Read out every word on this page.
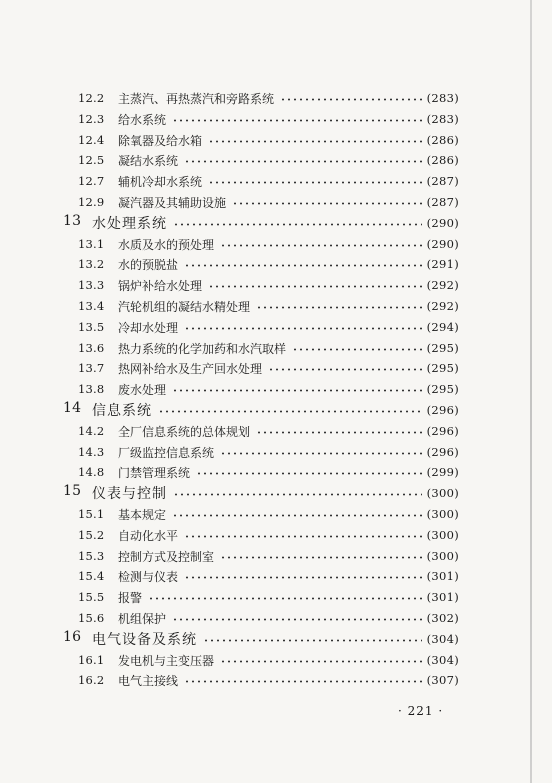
12.2 主蒸汽、再热蒸汽和旁路系统	(283)
12.3 给水系统	(283)
12.4 除氧器及给水箱	(286)
12.5 凝结水系统	(286)
12.7 辅机冷却水系统	(287)
12.9 凝汽器及其辅助设施	(287)
13 水处理系统	(290)
13.1 水质及水的预处理	(290)
13.2 水的预脱盐	(291)
13.3 锅炉补给水处理	(292)
13.4 汽轮机组的凝结水精处理	(292)
13.5 冷却水处理	(294)
13.6 热力系统的化学加药和水汽取样	(295)
13.7 热网补给水及生产回水处理	(295)
13.8 废水处理	(295)
14 信息系统	(296)
14.2 全厂信息系统的总体规划	(296)
14.3 厂级监控信息系统	(296)
14.8 门禁管理系统	(299)
15 仪表与控制	(300)
15.1 基本规定	(300)
15.2 自动化水平	(300)
15.3 控制方式及控制室	(300)
15.4 检测与仪表	(301)
15.5 报警	(301)
15.6 机组保护	(302)
16 电气设备及系统	(304)
16.1 发电机与主变压器	(304)
16.2 电气主接线	(307)
· 221 ·
